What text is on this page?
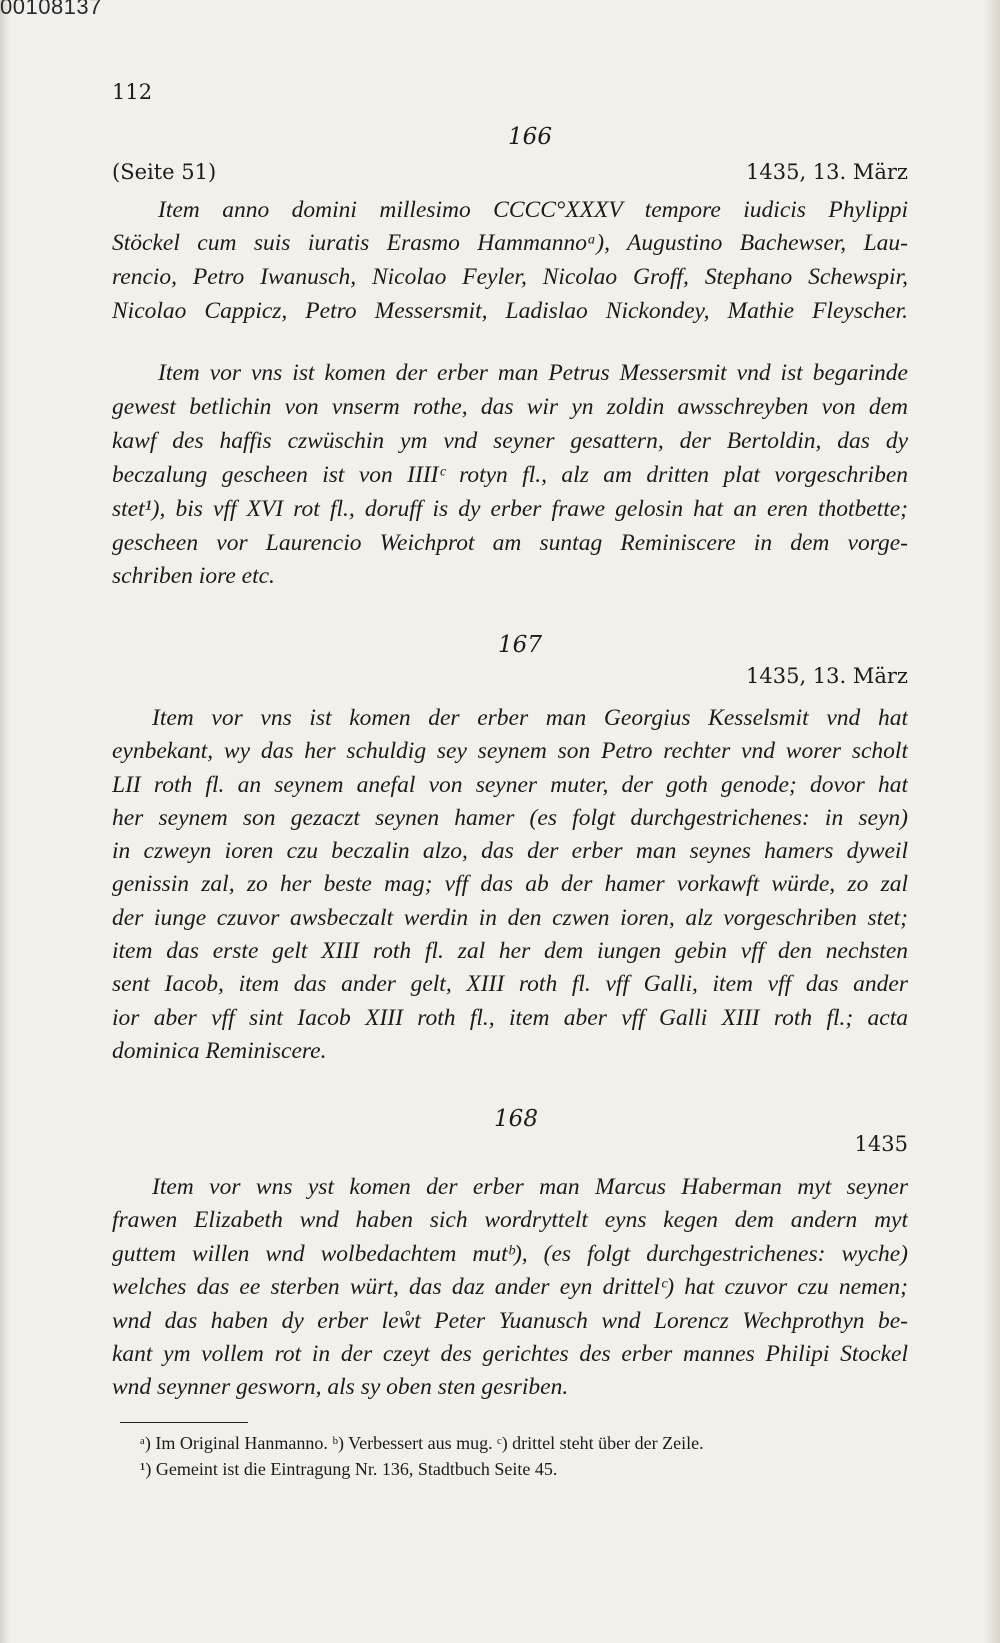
00108137
112
166
(Seite 51)	1435, 13. März
Item anno domini millesimo CCCC°XXXV tempore iudicis Phylippi
Stöckel cum suis iuratis Erasmo Hammannoᵃ), Augustino Bachewser, Lau-
rencio, Petro Iwanusch, Nicolao Feyler, Nicolao Groff, Stephano Schewspir,
Nicolao Cappicz, Petro Messersmit, Ladislao Nickondey, Mathie Fleyscher.
Item vor vns ist komen der erber man Petrus Messersmit vnd ist begarinde
gewest betlichin von vnserm rothe, das wir yn zoldin awsschreyben von dem
kawf des haffis czwüschin ym vnd seyner gesattern, der Bertoldin, das dy
beczalung gescheen ist von IIIIᶜ rotyn fl., alz am dritten plat vorgeschriben
stet¹), bis vff XVI rot fl., doruff is dy erber frawe gelosin hat an eren thotbette;
gescheen vor Laurencio Weichprot am suntag Reminiscere in dem vorge-
schriben iore etc.
167
1435, 13. März
Item vor vns ist komen der erber man Georgius Kesselsmit vnd hat
eynbekant, wy das her schuldig sey seynem son Petro rechter vnd worer scholt
LII roth fl. an seynem anefal von seyner muter, der goth genode; dovor hat
her seynem son gezaczt seynen hamer (es folgt durchgestrichenes: in seyn)
in czweyn ioren czu beczalin alzo, das der erber man seynes hamers dyweil
genissin zal, zo her beste mag; vff das ab der hamer vorkawft würde, zo zal
der iunge czuvor awsbeczalt werdin in den czwen ioren, alz vorgeschriben stet;
item das erste gelt XIII roth fl. zal her dem iungen gebin vff den nechsten
sent Iacob, item das ander gelt, XIII roth fl. vff Galli, item vff das ander
ior aber vff sint Iacob XIII roth fl., item aber vff Galli XIII roth fl.; acta
dominica Reminiscere.
168
1435
Item vor wns yst komen der erber man Marcus Haberman myt seyner
frawen Elizabeth wnd haben sich wordryttelt eyns kegen dem andern myt
guttem willen wnd wolbedachtem mutᵇ), (es folgt durchgestrichenes: wyche)
welches das ee sterben würt, das daz ander eyn drittelᶜ) hat czuvor czu nemen;
wnd das haben dy erber leẘt Peter Yuanusch wnd Lorencz Wechprothyn be-
kant ym vollem rot in der czeyt des gerichtes des erber mannes Philipi Stockel
wnd seynner gesworn, als sy oben sten gesriben.
ᵃ) Im Original Hanmanno. ᵇ) Verbessert aus mug. ᶜ) drittel steht über der Zeile.
¹) Gemeint ist die Eintragung Nr. 136, Stadtbuch Seite 45.
